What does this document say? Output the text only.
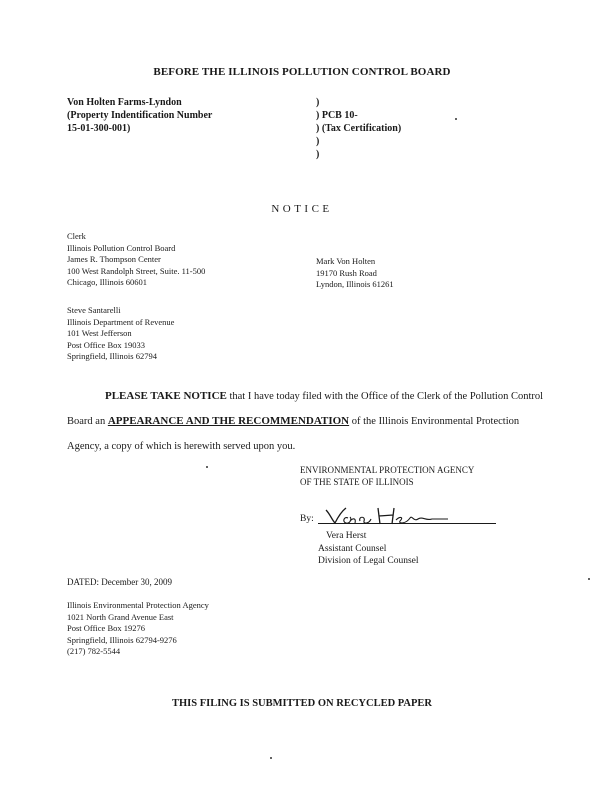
BEFORE THE ILLINOIS POLLUTION CONTROL BOARD
Von Holten Farms-Lyndon
(Property Indentification Number
15-01-300-001)
)
) PCB 10-
) (Tax Certification)
)
)
NOTICE
Clerk
Illinois Pollution Control Board
James R. Thompson Center
100 West Randolph Street, Suite. 11-500
Chicago, Illinois 60601
Mark Von Holten
19170 Rush Road
Lyndon, Illinois 61261
Steve Santarelli
Illinois Department of Revenue
101 West Jefferson
Post Office Box 19033
Springfield, Illinois 62794
PLEASE TAKE NOTICE that I have today filed with the Office of the Clerk of the Pollution Control Board an APPEARANCE AND THE RECOMMENDATION of the Illinois Environmental Protection Agency, a copy of which is herewith served upon you.
ENVIRONMENTAL PROTECTION AGENCY
OF THE STATE OF ILLINOIS
By:
Vera Herst
Assistant Counsel
Division of Legal Counsel
DATED: December 30, 2009
Illinois Environmental Protection Agency
1021 North Grand Avenue East
Post Office Box 19276
Springfield, Illinois 62794-9276
(217) 782-5544
THIS FILING IS SUBMITTED ON RECYCLED PAPER
